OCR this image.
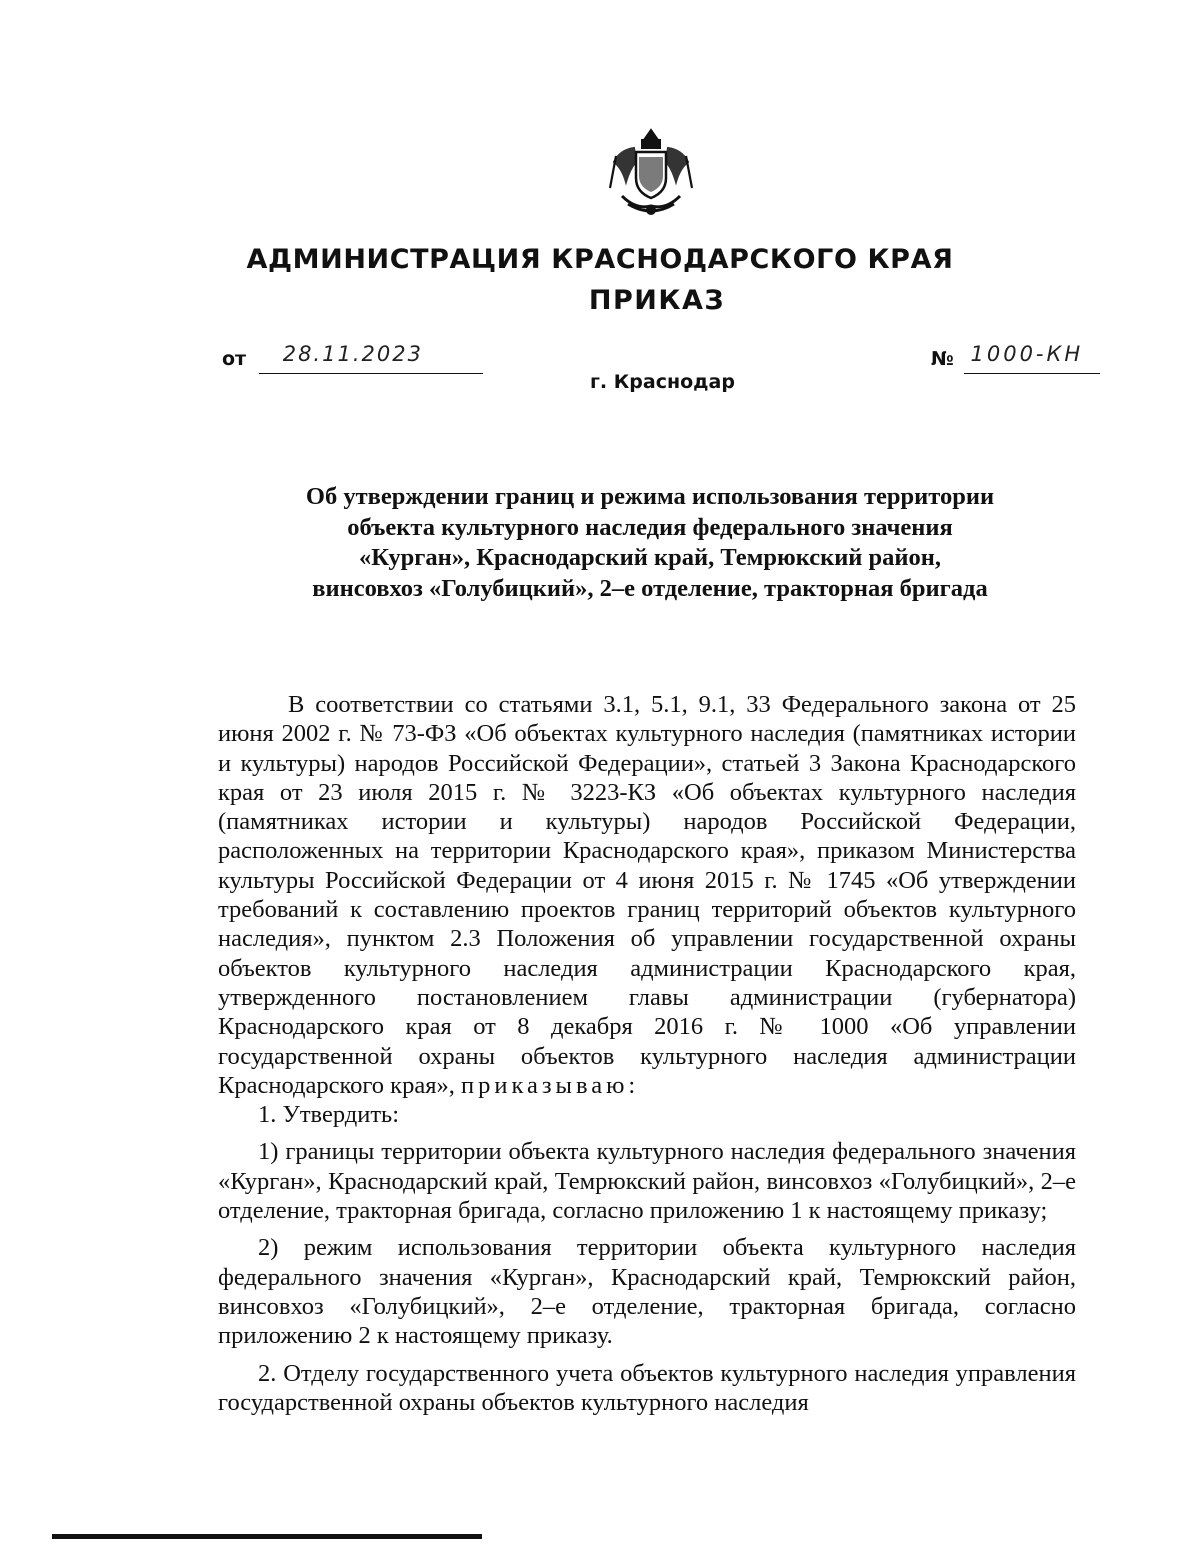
АДМИНИСТРАЦИЯ КРАСНОДАРСКОГО КРАЯ
ПРИКАЗ
от 28.11.2023	№ 1000-КН
г. Краснодар
Об утверждении границ и режима использования территории
объекта культурного наследия федерального значения
«Курган», Краснодарский край, Темрюкский район,
винсовхоз «Голубицкий», 2–е отделение, тракторная бригада

В соответствии со статьями 3.1, 5.1, 9.1, 33 Федерального закона от 25 июня 2002 г. № 73-ФЗ «Об объектах культурного наследия (памятниках истории и культуры) народов Российской Федерации», статьей 3 Закона Краснодарского края от 23 июля 2015 г. № 3223-КЗ «Об объектах культурного наследия (памятниках истории и культуры) народов Российской Федерации, расположенных на территории Краснодарского края», приказом Министерства культуры Российской Федерации от 4 июня 2015 г. № 1745 «Об утверждении требований к составлению проектов границ территорий объектов культурного наследия», пунктом 2.3 Положения об управлении государственной охраны объектов культурного наследия администрации Краснодарского края, утвержденного постановлением главы администрации (губернатора) Краснодарского края от 8 декабря 2016 г. № 1000 «Об управлении государственной охраны объектов культурного наследия администрации Краснодарского края», приказываю:

1. Утвердить:

1) границы территории объекта культурного наследия федерального значения «Курган», Краснодарский край, Темрюкский район, винсовхоз «Голубицкий», 2–е отделение, тракторная бригада, согласно приложению 1 к настоящему приказу;

2) режим использования территории объекта культурного наследия федерального значения «Курган», Краснодарский край, Темрюкский район, винсовхоз «Голубицкий», 2–е отделение, тракторная бригада, согласно приложению 2 к настоящему приказу.

2. Отделу государственного учета объектов культурного наследия управления государственной охраны объектов культурного наследия
